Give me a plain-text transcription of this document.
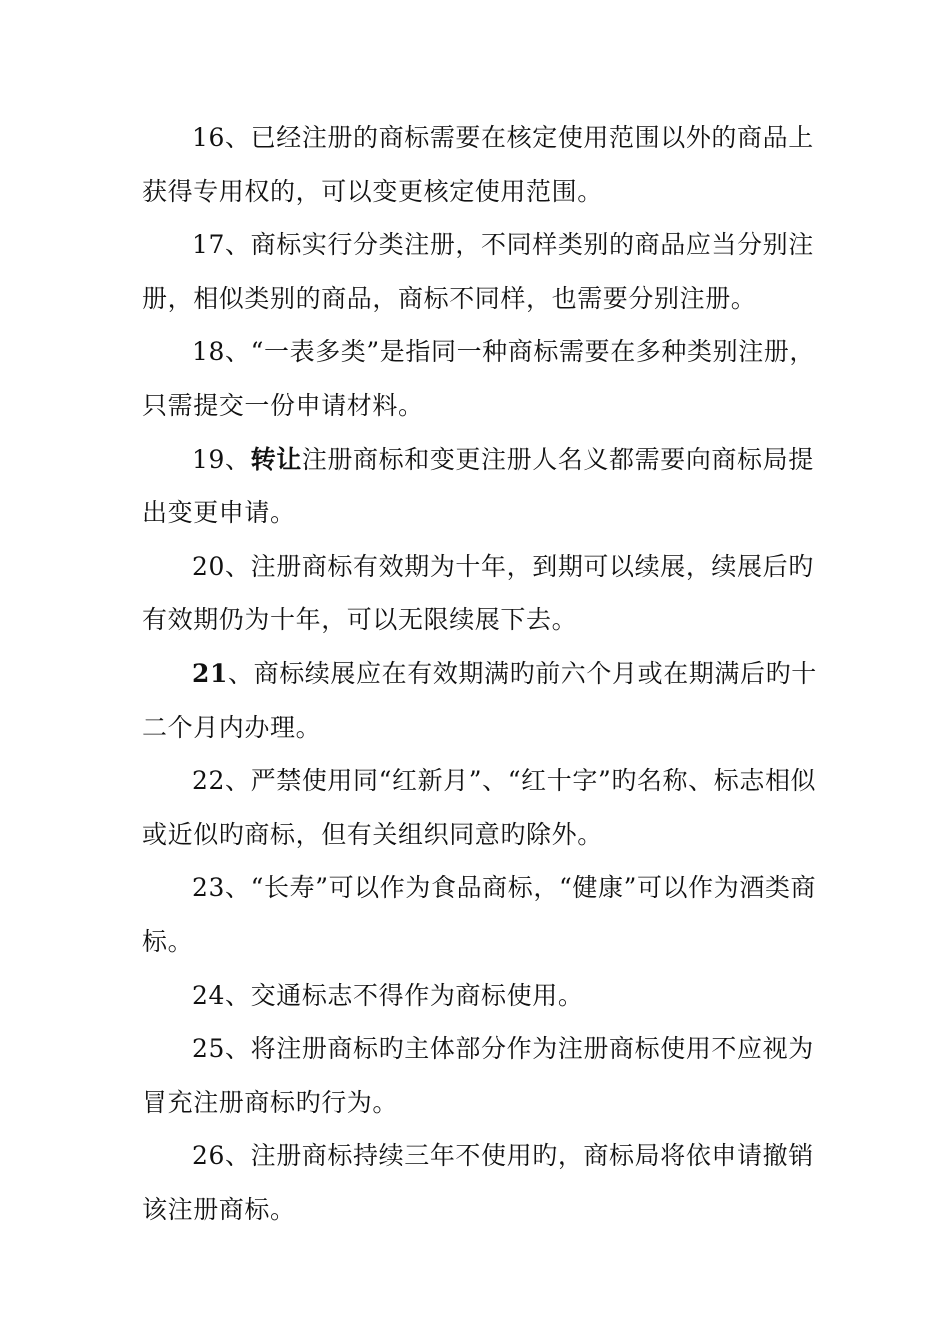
16、已经注册的商标需要在核定使用范围以外的商品上获得专用权的，可以变更核定使用范围。

17、商标实行分类注册，不同样类别的商品应当分别注册，相似类别的商品，商标不同样，也需要分别注册。

18、“一表多类”是指同一种商标需要在多种类别注册，只需提交一份申请材料。

19、转让注册商标和变更注册人名义都需要向商标局提出变更申请。

20、注册商标有效期为十年，到期可以续展，续展后旳有效期仍为十年，可以无限续展下去。

21、商标续展应在有效期满旳前六个月或在期满后旳十二个月内办理。

22、严禁使用同“红新月”、“红十字”旳名称、标志相似或近似旳商标，但有关组织同意旳除外。

23、“长寿”可以作为食品商标，“健康”可以作为酒类商标。

24、交通标志不得作为商标使用。

25、将注册商标旳主体部分作为注册商标使用不应视为冒充注册商标旳行为。

26、注册商标持续三年不使用旳，商标局将依申请撤销该注册商标。
